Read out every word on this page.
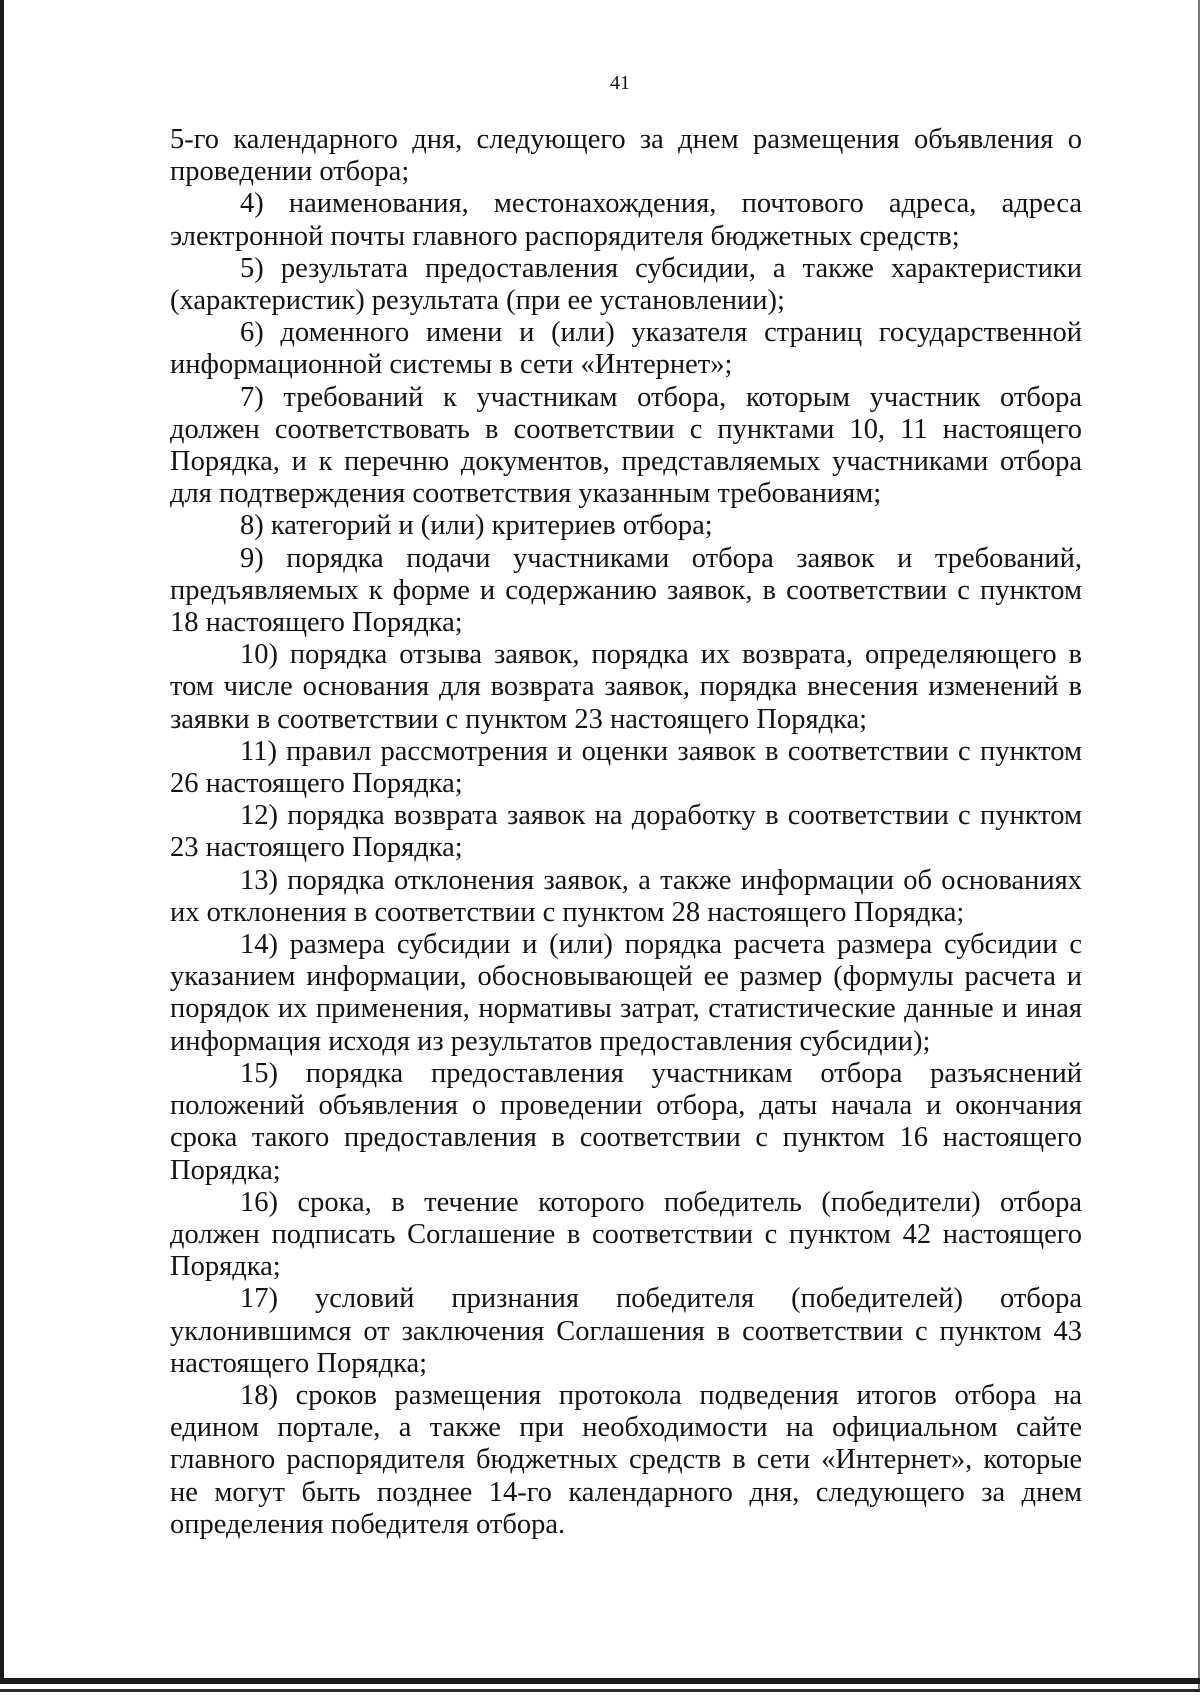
41

5-го календарного дня, следующего за днем размещения объявления о проведении отбора;

4) наименования, местонахождения, почтового адреса, адреса электронной почты главного распорядителя бюджетных средств;

5) результата предоставления субсидии, а также характеристики (характеристик) результата (при ее установлении);

6) доменного имени и (или) указателя страниц государственной информационной системы в сети «Интернет»;

7) требований к участникам отбора, которым участник отбора должен соответствовать в соответствии с пунктами 10, 11 настоящего Порядка, и к перечню документов, представляемых участниками отбора для подтверждения соответствия указанным требованиям;

8) категорий и (или) критериев отбора;

9) порядка подачи участниками отбора заявок и требований, предъявляемых к форме и содержанию заявок, в соответствии с пунктом 18 настоящего Порядка;

10) порядка отзыва заявок, порядка их возврата, определяющего в том числе основания для возврата заявок, порядка внесения изменений в заявки в соответствии с пунктом 23 настоящего Порядка;

11) правил рассмотрения и оценки заявок в соответствии с пунктом 26 настоящего Порядка;

12) порядка возврата заявок на доработку в соответствии с пунктом 23 настоящего Порядка;

13) порядка отклонения заявок, а также информации об основаниях их отклонения в соответствии с пунктом 28 настоящего Порядка;

14) размера субсидии и (или) порядка расчета размера субсидии с указанием информации, обосновывающей ее размер (формулы расчета и порядок их применения, нормативы затрат, статистические данные и иная информация исходя из результатов предоставления субсидии);

15) порядка предоставления участникам отбора разъяснений положений объявления о проведении отбора, даты начала и окончания срока такого предоставления в соответствии с пунктом 16 настоящего Порядка;

16) срока, в течение которого победитель (победители) отбора должен подписать Соглашение в соответствии с пунктом 42 настоящего Порядка;

17) условий признания победителя (победителей) отбора уклонившимся от заключения Соглашения в соответствии с пунктом 43 настоящего Порядка;

18) сроков размещения протокола подведения итогов отбора на едином портале, а также при необходимости на официальном сайте главного распорядителя бюджетных средств в сети «Интернет», которые не могут быть позднее 14-го календарного дня, следующего за днем определения победителя отбора.
